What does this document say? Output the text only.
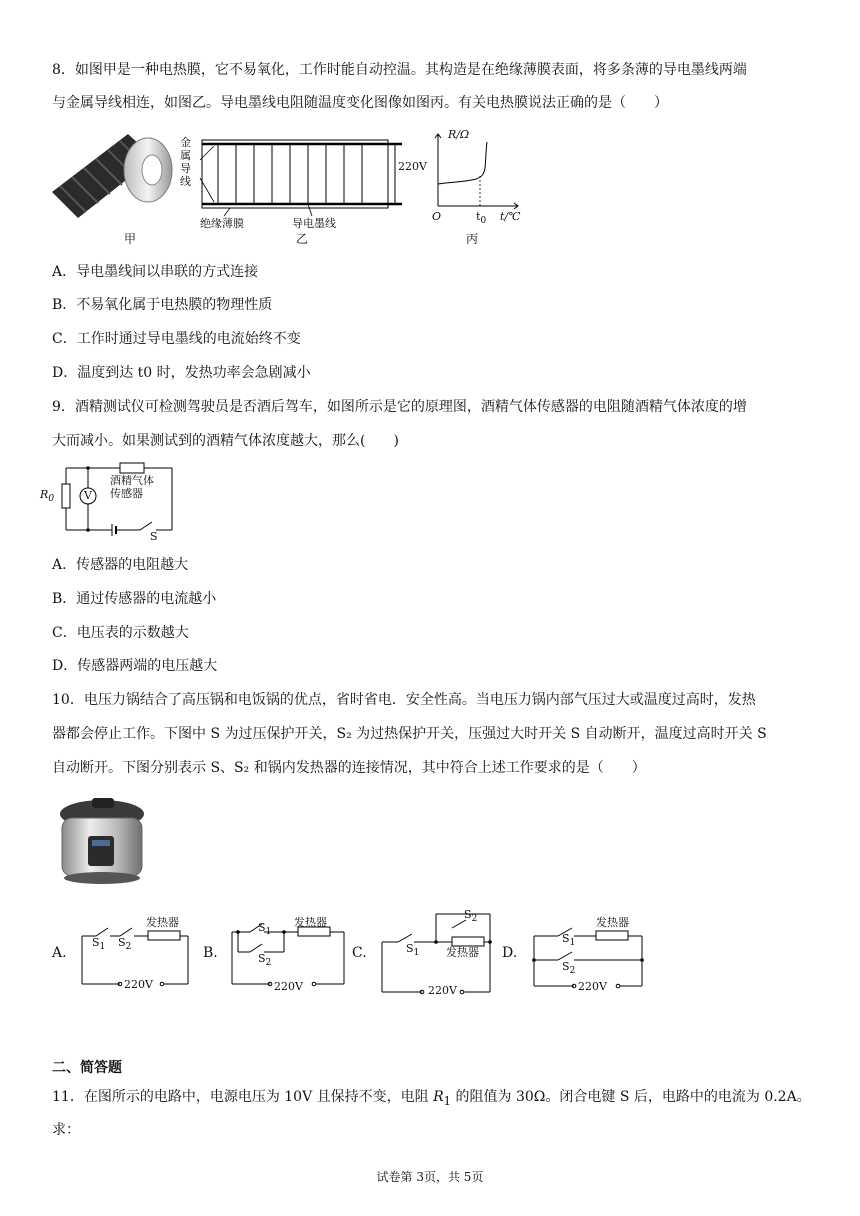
8．如图甲是一种电热膜，它不易氧化，工作时能自动控温。其构造是在绝缘薄膜表面，将多条薄的导电墨线两端
与金属导线相连，如图乙。导电墨线电阻随温度变化图像如图丙。有关电热膜说法正确的是（　　）
甲
金
属
导
线
220V
绝缘薄膜	导电墨线
乙
R/Ω
O	$t_0$ t/℃
丙
A．导电墨线间以串联的方式连接
B．不易氧化属于电热膜的物理性质
C．工作时通过导电墨线的电流始终不变
D．温度到达 t0 时，发热功率会急剧减小
9．酒精测试仪可检测驾驶员是否酒后驾车，如图所示是它的原理图，酒精气体传感器的电阻随酒精气体浓度的增
大而减小。如果测试到的酒精气体浓度越大，那么(　　)
$R_0$	V
酒精气体
传感器
S
A．传感器的电阻越大
B．通过传感器的电流越小
C．电压表的示数越大
D．传感器两端的电压越大
10．电压力锅结合了高压锅和电饭锅的优点，省时省电．安全性高。当电压力锅内部气压过大或温度过高时，发热
器都会停止工作。下图中 S 为过压保护开关，S₂ 为过热保护开关，压强过大时开关 S 自动断开，温度过高时开关 S
自动断开。下图分别表示 S、S₂ 和锅内发热器的连接情况，其中符合上述工作要求的是（　　）
A.
发热器
$S_1$ $S_2$
220V
B.
发热器
$S_1$
$S_2$
220V
C.
$S_2$
$S_1$ 发热器
220V
D.
发热器
$S_1$
$S_2$
220V
二、简答题
11．在图所示的电路中，电源电压为 10V 且保持不变，电阻 $R_1$ 的阻值为 30Ω。闭合电键 S 后，电路中的电流为 0.2A。
求：
试卷第 3页，共 5页
